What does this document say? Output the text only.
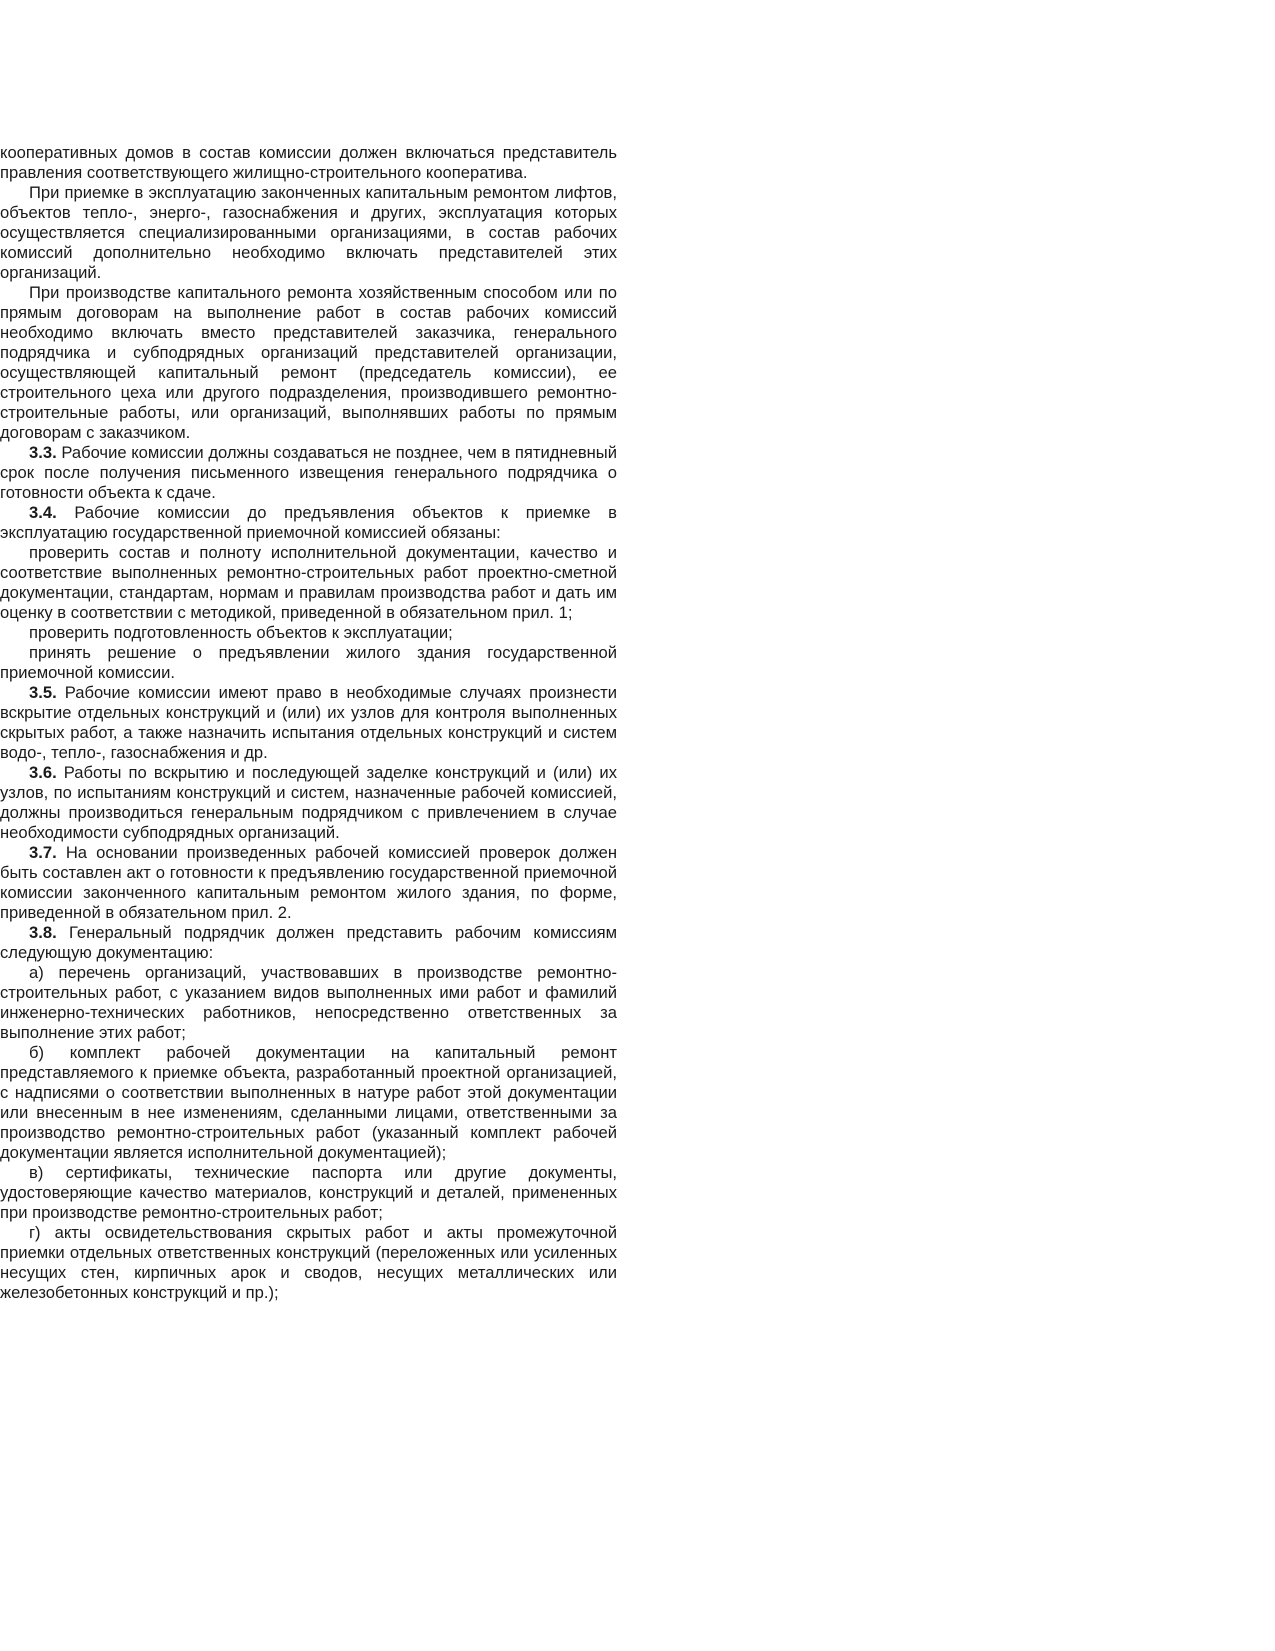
кооперативных домов в состав комиссии должен включаться представитель правления соответствующего жилищно-строительного кооператива.

При приемке в эксплуатацию законченных капитальным ремонтом лифтов, объектов тепло-, энерго-, газоснабжения и других, эксплуатация которых осуществляется специализированными организациями, в состав рабочих комиссий дополнительно необходимо включать представителей этих организаций.

При производстве капитального ремонта хозяйственным способом или по прямым договорам на выполнение работ в состав рабочих комиссий необходимо включать вместо представителей заказчика, генерального подрядчика и субподрядных организаций представителей организации, осуществляющей капитальный ремонт (председатель комиссии), ее строительного цеха или другого подразделения, производившего ремонтно-строительные работы, или организаций, выполнявших работы по прямым договорам с заказчиком.

3.3. Рабочие комиссии должны создаваться не позднее, чем в пятидневный срок после получения письменного извещения генерального подрядчика о готовности объекта к сдаче.

3.4. Рабочие комиссии до предъявления объектов к приемке в эксплуатацию государственной приемочной комиссией обязаны:

проверить состав и полноту исполнительной документации, качество и соответствие выполненных ремонтно-строительных работ проектно-сметной документации, стандартам, нормам и правилам производства работ и дать им оценку в соответствии с методикой, приведенной в обязательном прил. 1;

проверить подготовленность объектов к эксплуатации;

принять решение о предъявлении жилого здания государственной приемочной комиссии.

3.5. Рабочие комиссии имеют право в необходимые случаях произнести вскрытие отдельных конструкций и (или) их узлов для контроля выполненных скрытых работ, а также назначить испытания отдельных конструкций и систем водо-, тепло-, газоснабжения и др.

3.6. Работы по вскрытию и последующей заделке конструкций и (или) их узлов, по испытаниям конструкций и систем, назначенные рабочей комиссией, должны производиться генеральным подрядчиком с привлечением в случае необходимости субподрядных организаций.

3.7. На основании произведенных рабочей комиссией проверок должен быть составлен акт о готовности к предъявлению государственной приемочной комиссии законченного капитальным ремонтом жилого здания, по форме, приведенной в обязательном прил. 2.

3.8. Генеральный подрядчик должен представить рабочим комиссиям следующую документацию:

а) перечень организаций, участвовавших в производстве ремонтно-строительных работ, с указанием видов выполненных ими работ и фамилий инженерно-технических работников, непосредственно ответственных за выполнение этих работ;

б) комплект рабочей документации на капитальный ремонт представляемого к приемке объекта, разработанный проектной организацией, с надписями о соответствии выполненных в натуре работ этой документации или внесенным в нее изменениям, сделанными лицами, ответственными за производство ремонтно-строительных работ (указанный комплект рабочей документации является исполнительной документацией);

в) сертификаты, технические паспорта или другие документы, удостоверяющие качество материалов, конструкций и деталей, примененных при производстве ремонтно-строительных работ;

г) акты освидетельствования скрытых работ и акты промежуточной приемки отдельных ответственных конструкций (переложенных или усиленных несущих стен, кирпичных арок и сводов, несущих металлических или железобетонных конструкций и пр.);
